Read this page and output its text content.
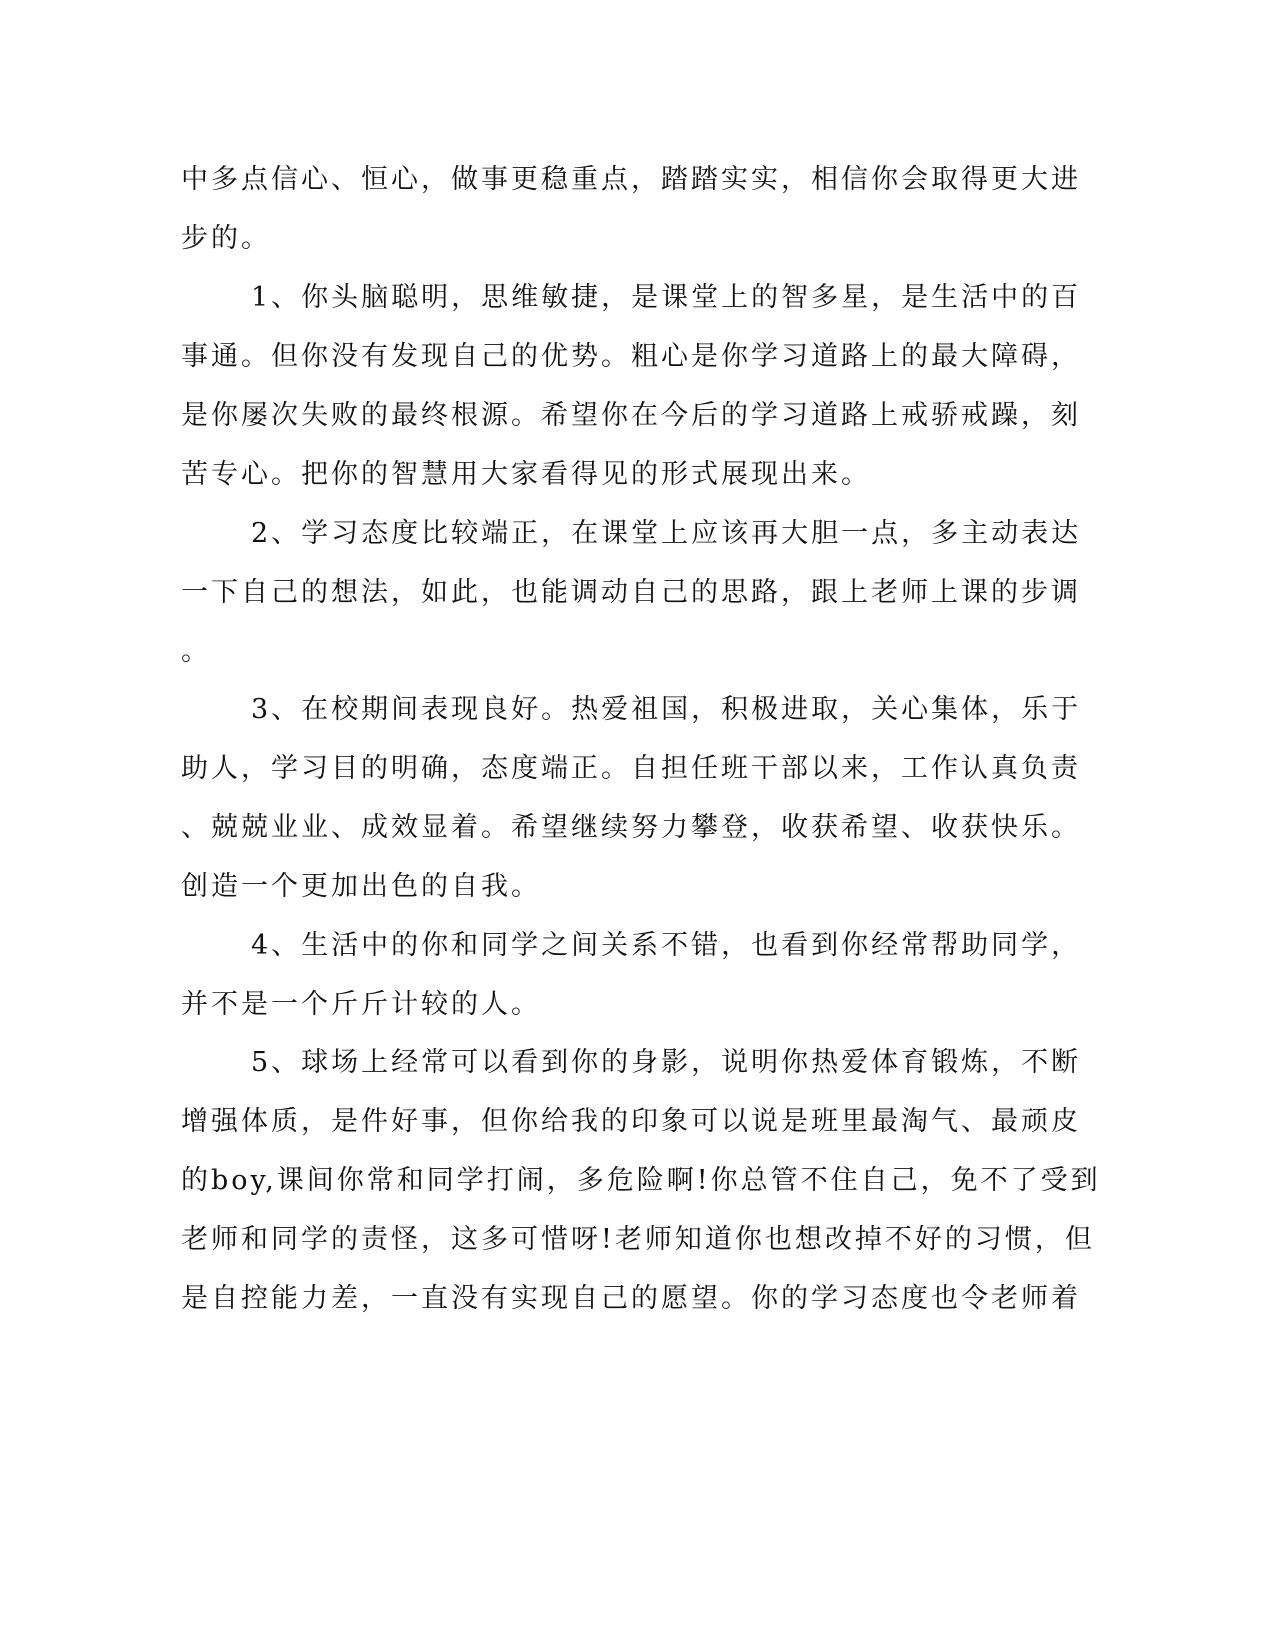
中多点信心、恒心，做事更稳重点，踏踏实实，相信你会取得更大进
步的。
1、你头脑聪明，思维敏捷，是课堂上的智多星，是生活中的百
事通。但你没有发现自己的优势。粗心是你学习道路上的最大障碍，
是你屡次失败的最终根源。希望你在今后的学习道路上戒骄戒躁，刻
苦专心。把你的智慧用大家看得见的形式展现出来。
2、学习态度比较端正，在课堂上应该再大胆一点，多主动表达
一下自己的想法，如此，也能调动自己的思路，跟上老师上课的步调
。
3、在校期间表现良好。热爱祖国，积极进取，关心集体，乐于
助人，学习目的明确，态度端正。自担任班干部以来，工作认真负责
、兢兢业业、成效显着。希望继续努力攀登，收获希望、收获快乐。
创造一个更加出色的自我。
4、生活中的你和同学之间关系不错，也看到你经常帮助同学，
并不是一个斤斤计较的人。
5、球场上经常可以看到你的身影，说明你热爱体育锻炼，不断
增强体质，是件好事，但你给我的印象可以说是班里最淘气、最顽皮
的boy,课间你常和同学打闹，多危险啊!你总管不住自己，免不了受到
老师和同学的责怪，这多可惜呀!老师知道你也想改掉不好的习惯，但
是自控能力差，一直没有实现自己的愿望。你的学习态度也令老师着
